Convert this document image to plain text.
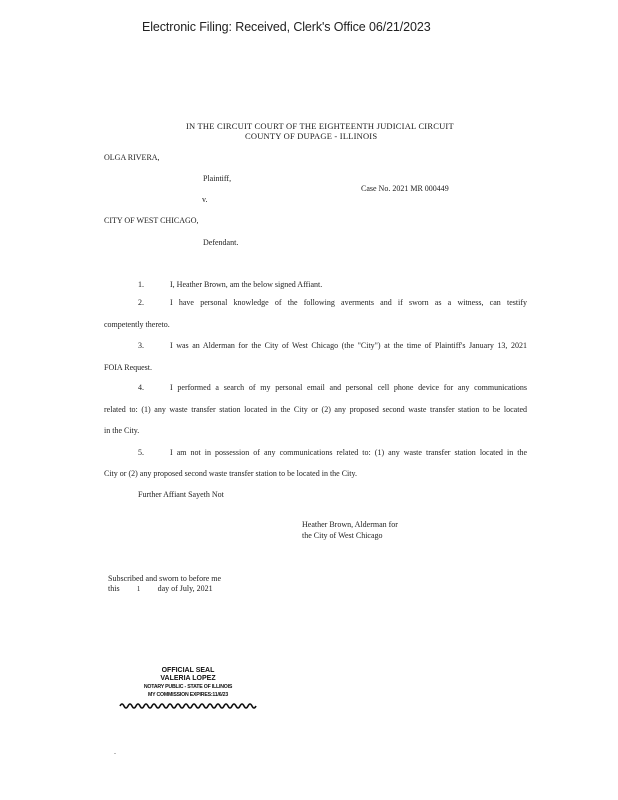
Electronic Filing: Received, Clerk's Office 06/21/2023
IN THE CIRCUIT COURT OF THE EIGHTEENTH JUDICIAL CIRCUIT
COUNTY OF DUPAGE - ILLINOIS
OLGA RIVERA,
Plaintiff,
Case No. 2021 MR 000449
v.
CITY OF WEST CHICAGO,
Defendant.
1.	I, Heather Brown, am the below signed Affiant.
2.	I have personal knowledge of the following averments and if sworn as a witness, can testify
competently thereto.
3.	I was an Alderman for the City of West Chicago (the "City") at the time of Plaintiff's January 13, 2021
FOIA Request.
4.	I performed a search of my personal email and personal cell phone device for any communications
related to: (1) any waste transfer station located in the City or (2) any proposed second waste transfer station to be located
in the City.
5.	I am not in possession of any communications related to: (1) any waste transfer station located in the
City or (2) any proposed second waste transfer station to be located in the City.
Further Affiant Sayeth Not
Heather Brown, Alderman for
the City of West Chicago
Subscribed and sworn to before me
this 1 day of July, 2021
OFFICIAL SEAL
VALERIA LOPEZ
NOTARY PUBLIC - STATE OF ILLINOIS
MY COMMISSION EXPIRES:11/6/23
